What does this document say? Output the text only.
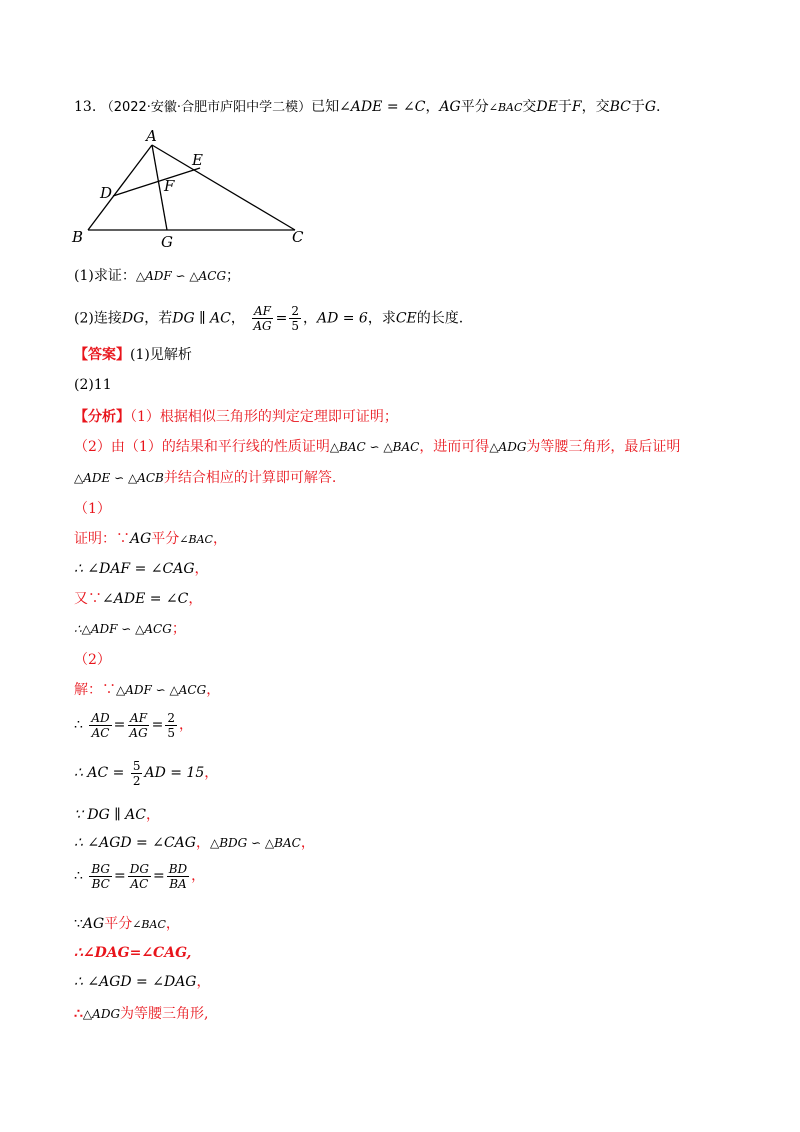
13. （2022·安徽·合肥市庐阳中学二模）已知∠ADE = ∠C，AG平分∠BAC交DE于F，交BC于G.
A
B	C
D
E
F
G
(1)求证：△ADF ∽ △ACG；
(2)连接DG，若DG ∥ AC， $\frac{AF}{AG} = \frac{2}{5}$ ，AD = 6，求CE的长度.
【答案】(1)见解析
(2)11
【分析】（1）根据相似三角形的判定定理即可证明；
（2）由（1）的结果和平行线的性质证明△BAC ∽ △BAC，进而可得△ADG为等腰三角形，最后证明
△ADE ∽ △ACB并结合相应的计算即可解答.
（1）
证明：∵AG平分∠BAC，
∴ ∠DAF = ∠CAG，
又∵∠ADE = ∠C，
∴△ADF ∽ △ACG；
（2）
解：∵△ADF ∽ △ACG，
∴ $\frac{AD}{AC} = \frac{AF}{AG} = \frac{2}{5}$ ，
∴ AC = $\frac{5}{2}$ AD = 15，
∵ DG ∥ AC，
∴ ∠AGD = ∠CAG，△BDG ∽ △BAC，
∴ $\frac{BG}{BC} = \frac{DG}{AC} = \frac{BD}{BA}$ ，
∵AG平分∠BAC，
∴∠DAG=∠CAG,
∴ ∠AGD = ∠DAG，
∴△ADG为等腰三角形,
